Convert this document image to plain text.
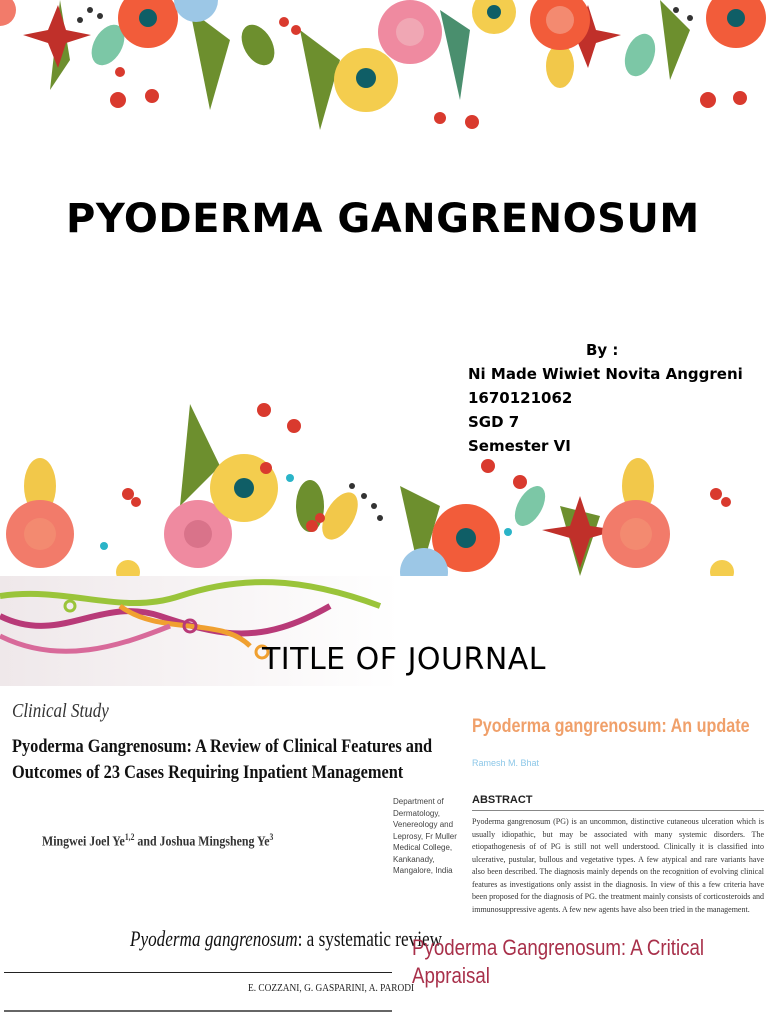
PYODERMA GANGRENOSUM
By :
Ni Made Wiwiet Novita Anggreni
1670121062
SGD 7
Semester VI
TITLE OF JOURNAL
Clinical Study
Pyoderma Gangrenosum: A Review of Clinical Features and
Outcomes of 23 Cases Requiring Inpatient Management
Mingwei Joel Ye$^{1,2}$ and Joshua Mingsheng Ye$^3$
Pyoderma gangrenosum: An update
Ramesh M. Bhat
Department of Dermatology, Venereology and Leprosy, Fr Muller Medical College, Kankanady, Mangalore, India
ABSTRACT
Pyoderma gangrenosum (PG) is an uncommon, distinctive cutaneous ulceration which is usually idiopathic, but may be associated with many systemic disorders. The etiopathogenesis of of PG is still not well understood. Clinically it is classified into ulcerative, pustular, bullous and vegetative types. A few atypical and rare variants have also been described. The diagnosis mainly depends on the recognition of evolving clinical features as investigations only assist in the diagnosis. In view of this a few criteria have been proposed for the diagnosis of PG. the treatment mainly consists of corticosteroids and immunosuppressive agents. A few new agents have also been tried in the management.
Pyoderma gangrenosum: a systematic review
E. COZZANI, G. GASPARINI, A. PARODI
Pyoderma Gangrenosum: A Critical
Appraisal
